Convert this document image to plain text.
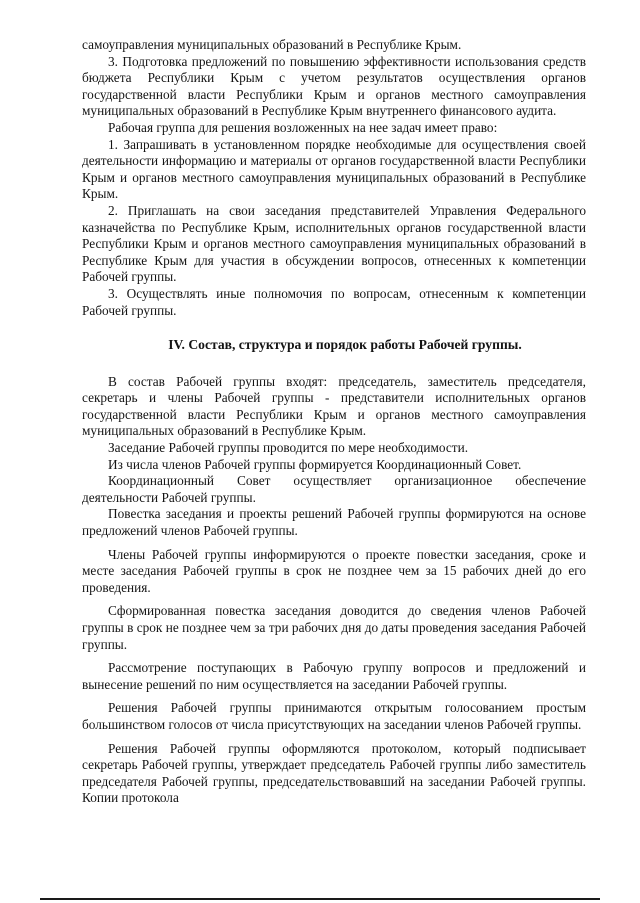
самоуправления муниципальных образований в Республике Крым.

3. Подготовка предложений по повышению эффективности использования средств бюджета Республики Крым с учетом результатов осуществления органов государственной власти Республики Крым и органов местного самоуправления муниципальных образований в Республике Крым внутреннего финансового аудита.

Рабочая группа для решения возложенных на нее задач имеет право:

1. Запрашивать в установленном порядке необходимые для осуществления своей деятельности информацию и материалы от органов государственной власти Республики Крым и органов местного самоуправления муниципальных образований в Республике Крым.

2. Приглашать на свои заседания представителей Управления Федерального казначейства по Республике Крым, исполнительных органов государственной власти Республики Крым и органов местного самоуправления муниципальных образований в Республике Крым для участия в обсуждении вопросов, отнесенных к компетенции Рабочей группы.

3. Осуществлять иные полномочия по вопросам, отнесенным к компетенции Рабочей группы.

IV. Состав, структура и порядок работы Рабочей группы.

В состав Рабочей группы входят: председатель, заместитель председателя, секретарь и члены Рабочей группы - представители исполнительных органов государственной власти Республики Крым и органов местного самоуправления муниципальных образований в Республике Крым.

Заседание Рабочей группы проводится по мере необходимости.

Из числа членов Рабочей группы формируется Координационный Совет.

Координационный Совет осуществляет организационное обеспечение деятельности Рабочей группы.

Повестка заседания и проекты решений Рабочей группы формируются на основе предложений членов Рабочей группы.

Члены Рабочей группы информируются о проекте повестки заседания, сроке и месте заседания Рабочей группы в срок не позднее чем за 15 рабочих дней до его проведения.

Сформированная повестка заседания доводится до сведения членов Рабочей группы в срок не позднее чем за три рабочих дня до даты проведения заседания Рабочей группы.

Рассмотрение поступающих в Рабочую группу вопросов и предложений и вынесение решений по ним осуществляется на заседании Рабочей группы.

Решения Рабочей группы принимаются открытым голосованием простым большинством голосов от числа присутствующих на заседании членов Рабочей группы.

Решения Рабочей группы оформляются протоколом, который подписывает секретарь Рабочей группы, утверждает председатель Рабочей группы либо заместитель председателя Рабочей группы, председательствовавший на заседании Рабочей группы. Копии протокола
